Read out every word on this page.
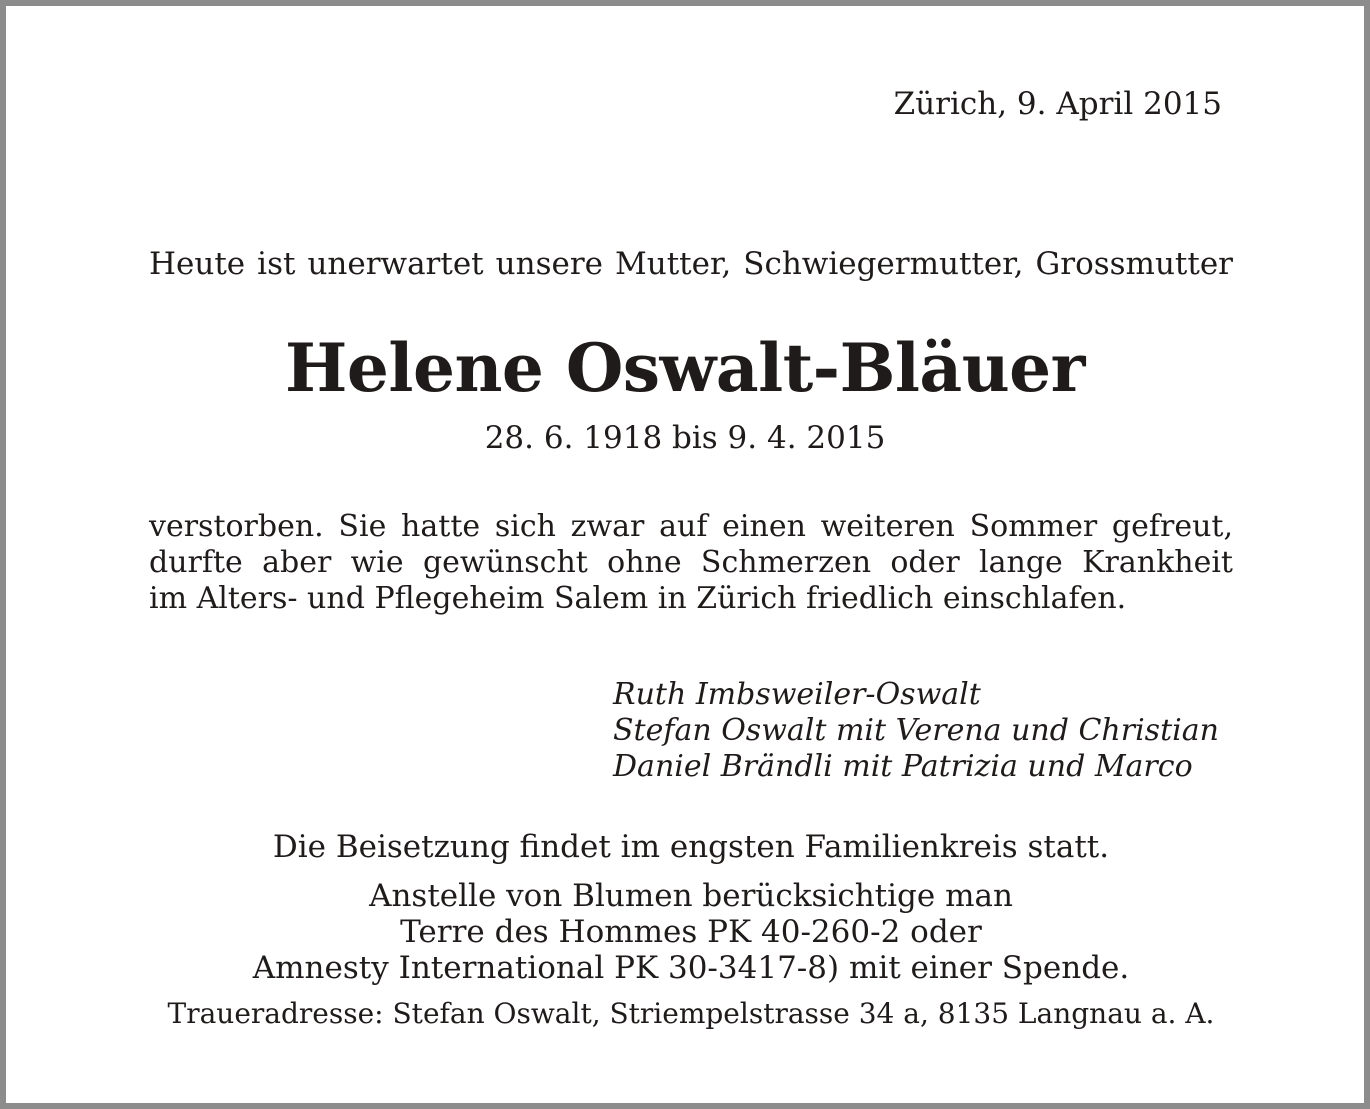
Zürich, 9. April 2015

Heute ist unerwartet unsere Mutter, Schwiegermutter, Grossmutter

Helene Oswalt-Bläuer

28. 6. 1918 bis 9. 4. 2015

verstorben. Sie hatte sich zwar auf einen weiteren Sommer gefreut,
durfte aber wie gewünscht ohne Schmerzen oder lange Krankheit
im Alters- und Pflegeheim Salem in Zürich friedlich einschlafen.
Ruth Imbsweiler-Oswalt
Stefan Oswalt mit Verena und Christian
Daniel Brändli mit Patrizia und Marco

Die Beisetzung findet im engsten Familienkreis statt.

Anstelle von Blumen berücksichtige man
Terre des Hommes PK 40-260-2 oder
Amnesty International PK 30-3417-8) mit einer Spende.

Traueradresse: Stefan Oswalt, Striempelstrasse 34 a, 8135 Langnau a. A.
